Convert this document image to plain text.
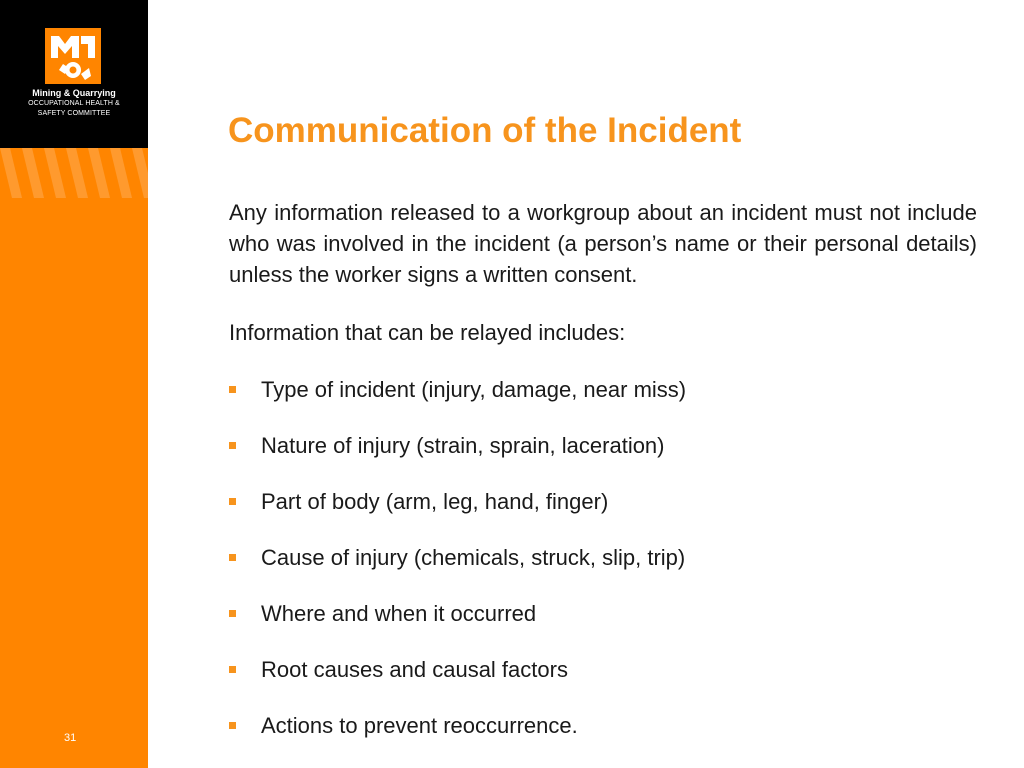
Mining & Quarrying
OCCUPATIONAL HEALTH &
SAFETY COMMITTEE
31
Communication of the Incident

Any information released to a workgroup about an incident must not include who was involved in the incident (a person’s name or their personal details) unless the worker signs a written consent.

Information that can be relayed includes:

Type of incident (injury, damage, near miss)
Nature of injury (strain, sprain, laceration)
Part of body (arm, leg, hand, finger)
Cause of injury (chemicals, struck, slip, trip)
Where and when it occurred
Root causes and causal factors
Actions to prevent reoccurrence.
